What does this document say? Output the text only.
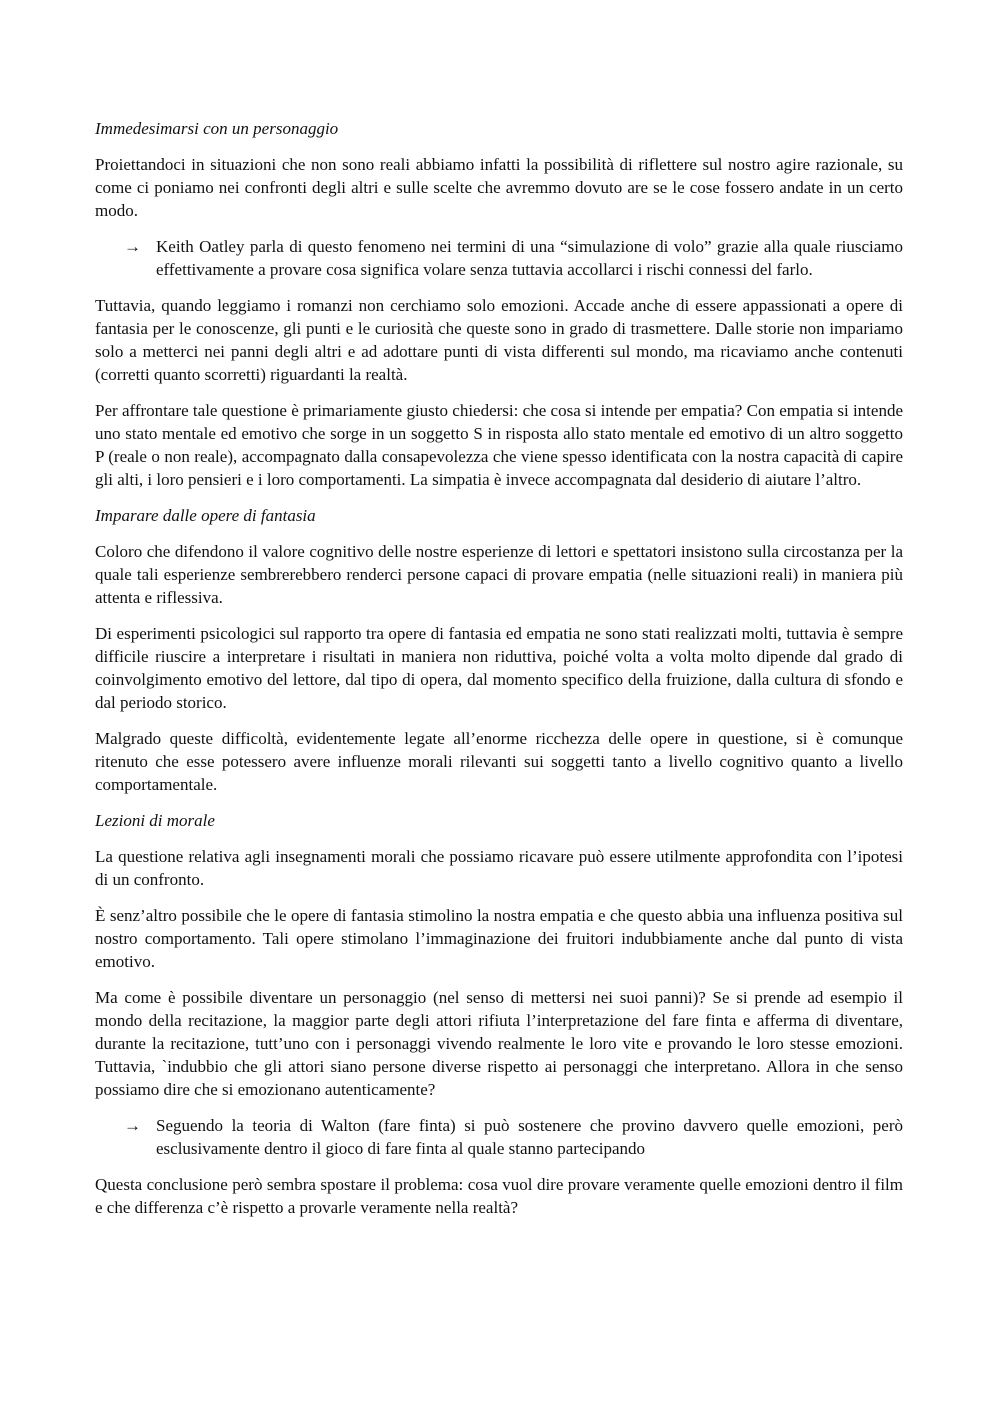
Immedesimarsi con un personaggio
Proiettandoci in situazioni che non sono reali abbiamo infatti la possibilità di riflettere sul nostro agire razionale, su come ci poniamo nei confronti degli altri e sulle scelte che avremmo dovuto are se le cose fossero andate in un certo modo.
→ Keith Oatley parla di questo fenomeno nei termini di una “simulazione di volo” grazie alla quale riusciamo effettivamente a provare cosa significa volare senza tuttavia accollarci i rischi connessi del farlo.
Tuttavia, quando leggiamo i romanzi non cerchiamo solo emozioni. Accade anche di essere appassionati a opere di fantasia per le conoscenze, gli punti e le curiosità che queste sono in grado di trasmettere. Dalle storie non impariamo solo a metterci nei panni degli altri e ad adottare punti di vista differenti sul mondo, ma ricaviamo anche contenuti (corretti quanto scorretti) riguardanti la realtà.
Per affrontare tale questione è primariamente giusto chiedersi: che cosa si intende per empatia? Con empatia si intende uno stato mentale ed emotivo che sorge in un soggetto S in risposta allo stato mentale ed emotivo di un altro soggetto P (reale o non reale), accompagnato dalla consapevolezza che viene spesso identificata con la nostra capacità di capire gli alti, i loro pensieri e i loro comportamenti. La simpatia è invece accompagnata dal desiderio di aiutare l’altro.
Imparare dalle opere di fantasia
Coloro che difendono il valore cognitivo delle nostre esperienze di lettori e spettatori insistono sulla circostanza per la quale tali esperienze sembrerebbero renderci persone capaci di provare empatia (nelle situazioni reali) in maniera più attenta e riflessiva.
Di esperimenti psicologici sul rapporto tra opere di fantasia ed empatia ne sono stati realizzati molti, tuttavia è sempre difficile riuscire a interpretare i risultati in maniera non riduttiva, poiché volta a volta molto dipende dal grado di coinvolgimento emotivo del lettore, dal tipo di opera, dal momento specifico della fruizione, dalla cultura di sfondo e dal periodo storico.
Malgrado queste difficoltà, evidentemente legate all’enorme ricchezza delle opere in questione, si è comunque ritenuto che esse potessero avere influenze morali rilevanti sui soggetti tanto a livello cognitivo quanto a livello comportamentale.
Lezioni di morale
La questione relativa agli insegnamenti morali che possiamo ricavare può essere utilmente approfondita con l’ipotesi di un confronto.
È senz’altro possibile che le opere di fantasia stimolino la nostra empatia e che questo abbia una influenza positiva sul nostro comportamento. Tali opere stimolano l’immaginazione dei fruitori indubbiamente anche dal punto di vista emotivo.
Ma come è possibile diventare un personaggio (nel senso di mettersi nei suoi panni)? Se si prende ad esempio il mondo della recitazione, la maggior parte degli attori rifiuta l’interpretazione del fare finta e afferma di diventare, durante la recitazione, tutt’uno con i personaggi vivendo realmente le loro vite e provando le loro stesse emozioni. Tuttavia, `indubbio che gli attori siano persone diverse rispetto ai personaggi che interpretano. Allora in che senso possiamo dire che si emozionano autenticamente?
→ Seguendo la teoria di Walton (fare finta) si può sostenere che provino davvero quelle emozioni, però esclusivamente dentro il gioco di fare finta al quale stanno partecipando
Questa conclusione però sembra spostare il problema: cosa vuol dire provare veramente quelle emozioni dentro il film e che differenza c’è rispetto a provarle veramente nella realtà?
